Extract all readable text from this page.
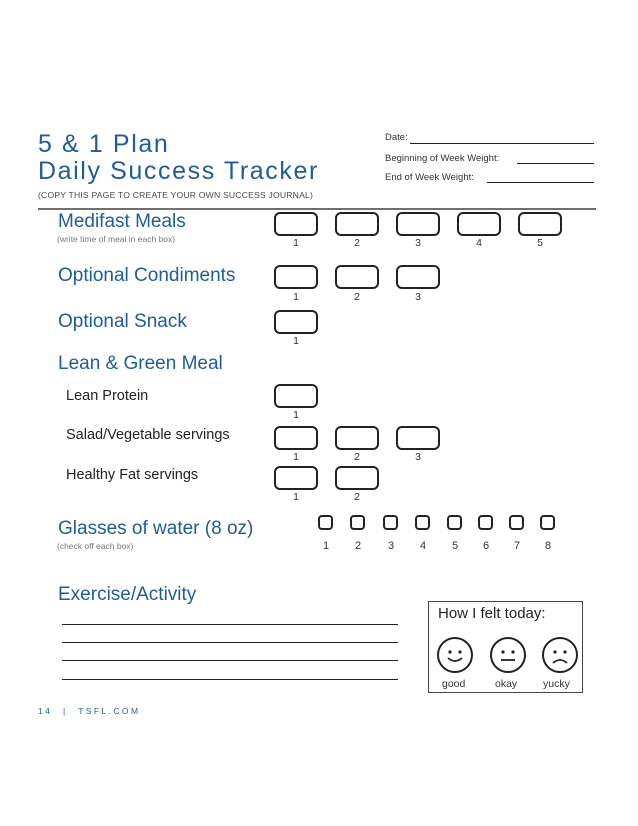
5 & 1 Plan
Daily Success Tracker
(COPY THIS PAGE TO CREATE YOUR OWN SUCCESS JOURNAL)
Date:
Beginning of Week Weight:
End of Week Weight:
Medifast Meals
(write time of meal in each box)	1	2	3	4	5
Optional Condiments
1	2	3
Optional Snack
1
Lean & Green Meal
Lean Protein
1
Salad/Vegetable servings
1	2	3
Healthy Fat servings
1	2
Glasses of water (8 oz)
(check off each box)	1	2	3	4	5	6	7	8
Exercise/Activity
How I felt today:
good	okay yucky
14 | TSFL.COM
